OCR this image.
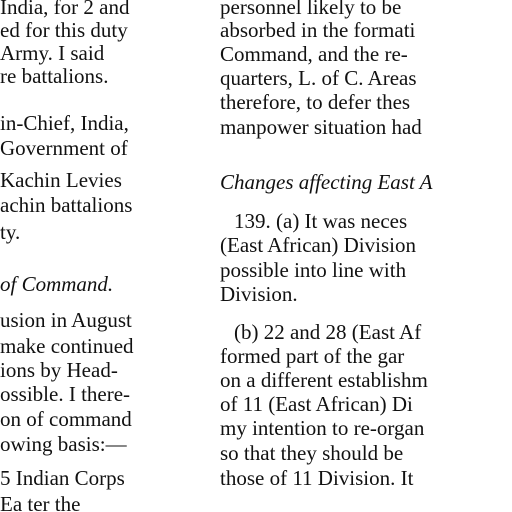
India, for 2 and
ed for this duty
Army. I said
re battalions.
in-Chief, India,
Government of
Kachin Levies
achin battalions
ty.
of Command.
usion in August
make continued
ions by Head-
ossible. I there-
on of command
owing basis:—
5 Indian Corps
Ea ter the
personnel likely to be
absorbed in the formati
Command, and the re-
quarters, L. of C. Areas
therefore, to defer thes
manpower situation had
Changes affecting East A
139. (a) It was neces
(East African) Division
possible into line with
Division.
(b) 22 and 28 (East Af
formed part of the gar
on a different establishm
of 11 (East African) Di
my intention to re-organ
so that they should be
those of 11 Division. It
